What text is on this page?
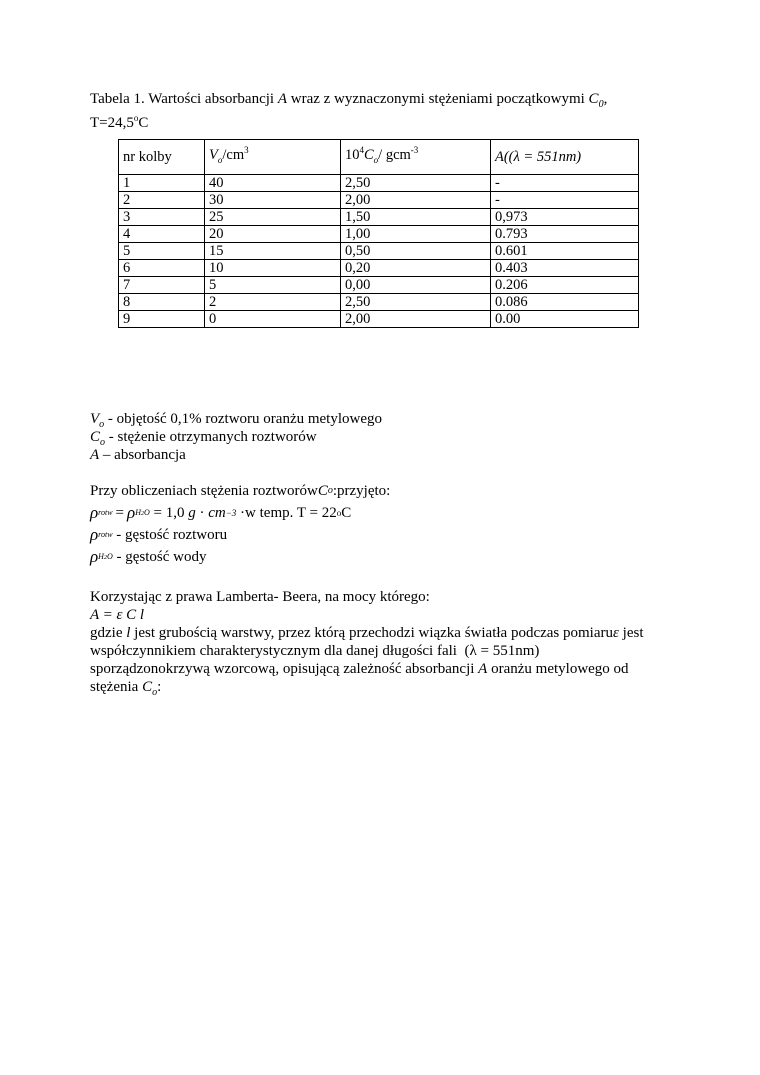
Tabela 1. Wartości absorbancji A wraz z wyznaczonymi stężeniami początkowymi $C_0$,
$T=24,5^oC$
nr kolby	$V_o/cm^3$	$10^4C_o/$ gcm$^{-3}$	A((λ = 551nm)
1	40	2,50	-
2	30	2,00	-
3	25	1,50	0,973
4	20	1,00	0.793
5	15	0,50	0.601
6	10	0,20	0.403
7	5	0,00	0.206
8	2	2,50	0.086
9	0	2,00	0.00
$V_o$ - objętość 0,1% roztworu oranżu metylowego
$C_o$ - stężenie otrzymanych roztworów
A – absorbancja
Przy obliczeniach stężenia roztworów C o :przyjęto:
ρ rotw = ρ H2O = 1,0 g · cm −3 ·w temp. T = 22 o C
ρ rotw - gęstość roztworu
ρ H2O - gęstość wody
Korzystając z prawa Lamberta- Beera, na mocy którego:
A = ε C l
gdzie l jest grubością warstwy, przez którą przechodzi wiązka światła podczas pomiaruε jest
współczynnikiem charakterystycznym dla danej długości fali  (λ = 551nm)
sporządzonokrzywą wzorcową, opisującą zależność absorbancji A oranżu metylowego od
stężenia $C_o$:
